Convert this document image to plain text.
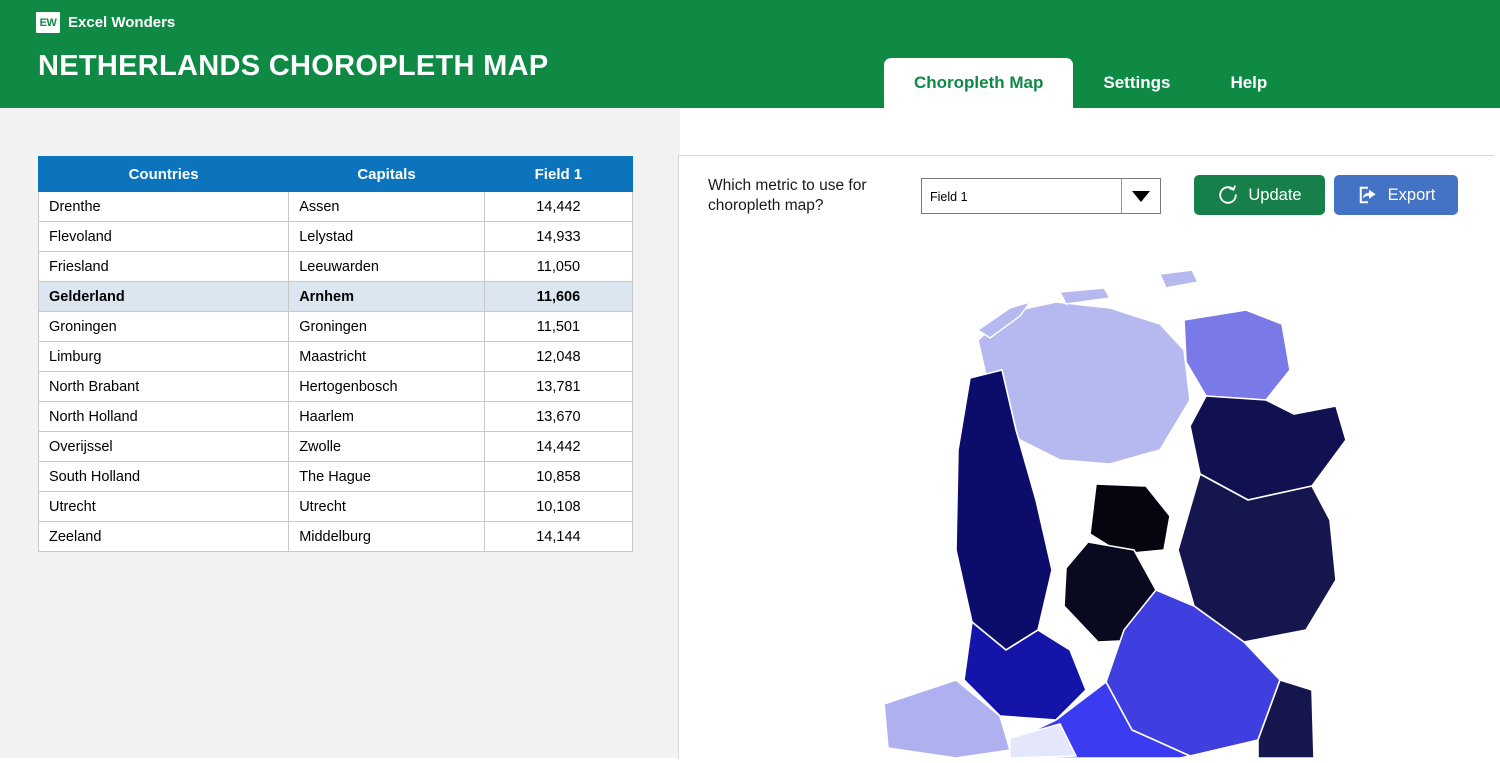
EW Excel Wonders
NETHERLANDS CHOROPLETH MAP
Choropleth Map	Settings	Help
Countries	Capitals	Field 1
Drenthe	Assen	14,442
Flevoland	Lelystad	14,933
Friesland	Leeuwarden	11,050
Gelderland	Arnhem	11,606
Groningen	Groningen	11,501
Limburg	Maastricht	12,048
North Brabant	Hertogenbosch	13,781
North Holland	Haarlem	13,670
Overijssel	Zwolle	14,442
South Holland	The Hague	10,858
Utrecht	Utrecht	10,108
Zeeland	Middelburg	14,144
Which metric to use for choropleth map?	Field 1	Update	Export
